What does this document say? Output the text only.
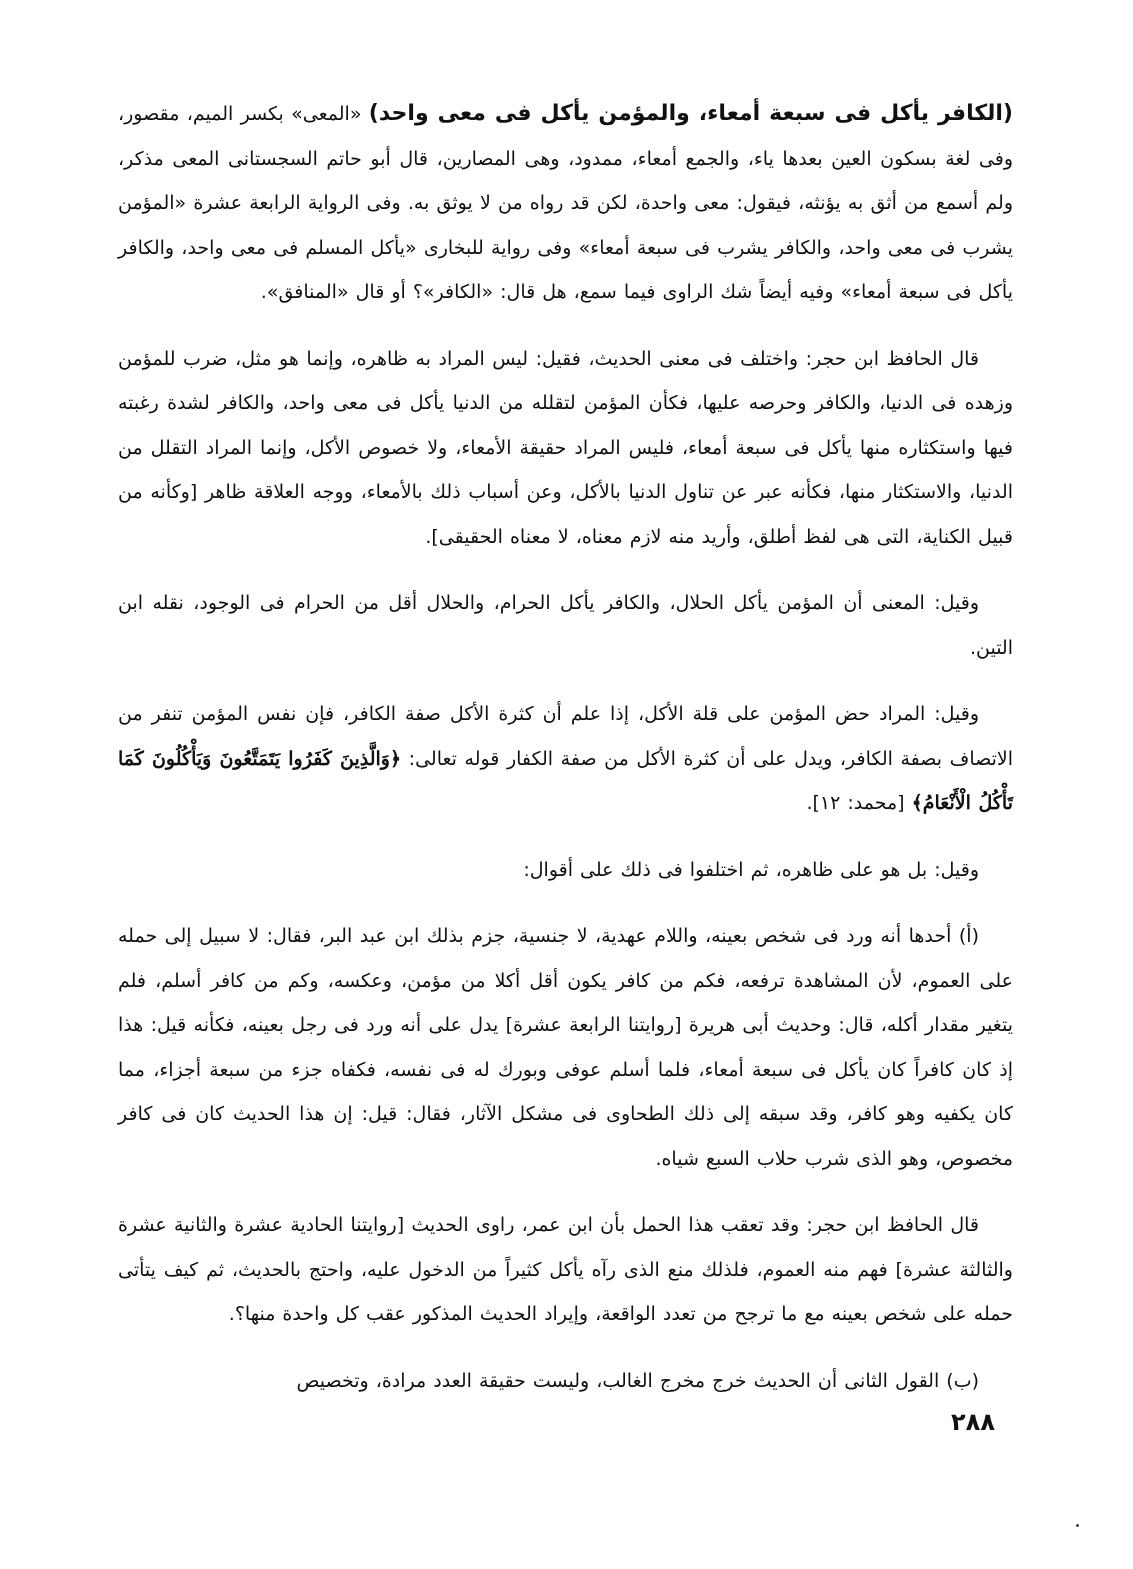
(الكافر يأكل فى سبعة أمعاء، والمؤمن يأكل فى معى واحد) «المعى» بكسر الميم، مقصور، وفى لغة بسكون العين بعدها ياء، والجمع أمعاء، ممدود، وهى المصارين، قال أبو حاتم السجستانى المعى مذكر، ولم أسمع من أثق به يؤنثه، فيقول: معى واحدة، لكن قد رواه من لا يوثق به. وفى الرواية الرابعة عشرة «المؤمن يشرب فى معى واحد، والكافر يشرب فى سبعة أمعاء» وفى رواية للبخارى «يأكل المسلم فى معى واحد، والكافر يأكل فى سبعة أمعاء» وفيه أيضاً شك الراوى فيما سمع، هل قال: «الكافر»؟ أو قال «المنافق».

قال الحافظ ابن حجر: واختلف فى معنى الحديث، فقيل: ليس المراد به ظاهره، وإنما هو مثل، ضرب للمؤمن وزهده فى الدنيا، والكافر وحرصه عليها، فكأن المؤمن لتقلله من الدنيا يأكل فى معى واحد، والكافر لشدة رغبته فيها واستكثاره منها يأكل فى سبعة أمعاء، فليس المراد حقيقة الأمعاء، ولا خصوص الأكل، وإنما المراد التقلل من الدنيا، والاستكثار منها، فكأنه عبر عن تناول الدنيا بالأكل، وعن أسباب ذلك بالأمعاء، ووجه العلاقة ظاهر [وكأنه من قبيل الكناية، التى هى لفظ أطلق، وأريد منه لازم معناه، لا معناه الحقيقى].

وقيل: المعنى أن المؤمن يأكل الحلال، والكافر يأكل الحرام، والحلال أقل من الحرام فى الوجود، نقله ابن التين.

وقيل: المراد حض المؤمن على قلة الأكل، إذا علم أن كثرة الأكل صفة الكافر، فإن نفس المؤمن تنفر من الاتصاف بصفة الكافر، ويدل على أن كثرة الأكل من صفة الكفار قوله تعالى: ﴿وَالَّذِينَ كَفَرُوا يَتَمَتَّعُونَ وَيَأْكُلُونَ كَمَا تَأْكُلُ الْأَنْعَامُ﴾ [محمد: ١٢].

وقيل: بل هو على ظاهره، ثم اختلفوا فى ذلك على أقوال:

(أ) أحدها أنه ورد فى شخص بعينه، واللام عهدية، لا جنسية، جزم بذلك ابن عبد البر، فقال: لا سبيل إلى حمله على العموم، لأن المشاهدة ترفعه، فكم من كافر يكون أقل أكلا من مؤمن، وعكسه، وكم من كافر أسلم، فلم يتغير مقدار أكله، قال: وحديث أبى هريرة [روايتنا الرابعة عشرة] يدل على أنه ورد فى رجل بعينه، فكأنه قيل: هذا إذ كان كافراً كان يأكل فى سبعة أمعاء، فلما أسلم عوفى وبورك له فى نفسه، فكفاه جزء من سبعة أجزاء، مما كان يكفيه وهو كافر، وقد سبقه إلى ذلك الطحاوى فى مشكل الآثار، فقال: قيل: إن هذا الحديث كان فى كافر مخصوص، وهو الذى شرب حلاب السبع شياه.

قال الحافظ ابن حجر: وقد تعقب هذا الحمل بأن ابن عمر، راوى الحديث [روايتنا الحادية عشرة والثانية عشرة والثالثة عشرة] فهم منه العموم، فلذلك منع الذى رآه يأكل كثيراً من الدخول عليه، واحتج بالحديث، ثم كيف يتأتى حمله على شخص بعينه مع ما ترجح من تعدد الواقعة، وإيراد الحديث المذكور عقب كل واحدة منها؟.

(ب) القول الثانى أن الحديث خرج مخرج الغالب، وليست حقيقة العدد مرادة، وتخصيص

٢٨٨
